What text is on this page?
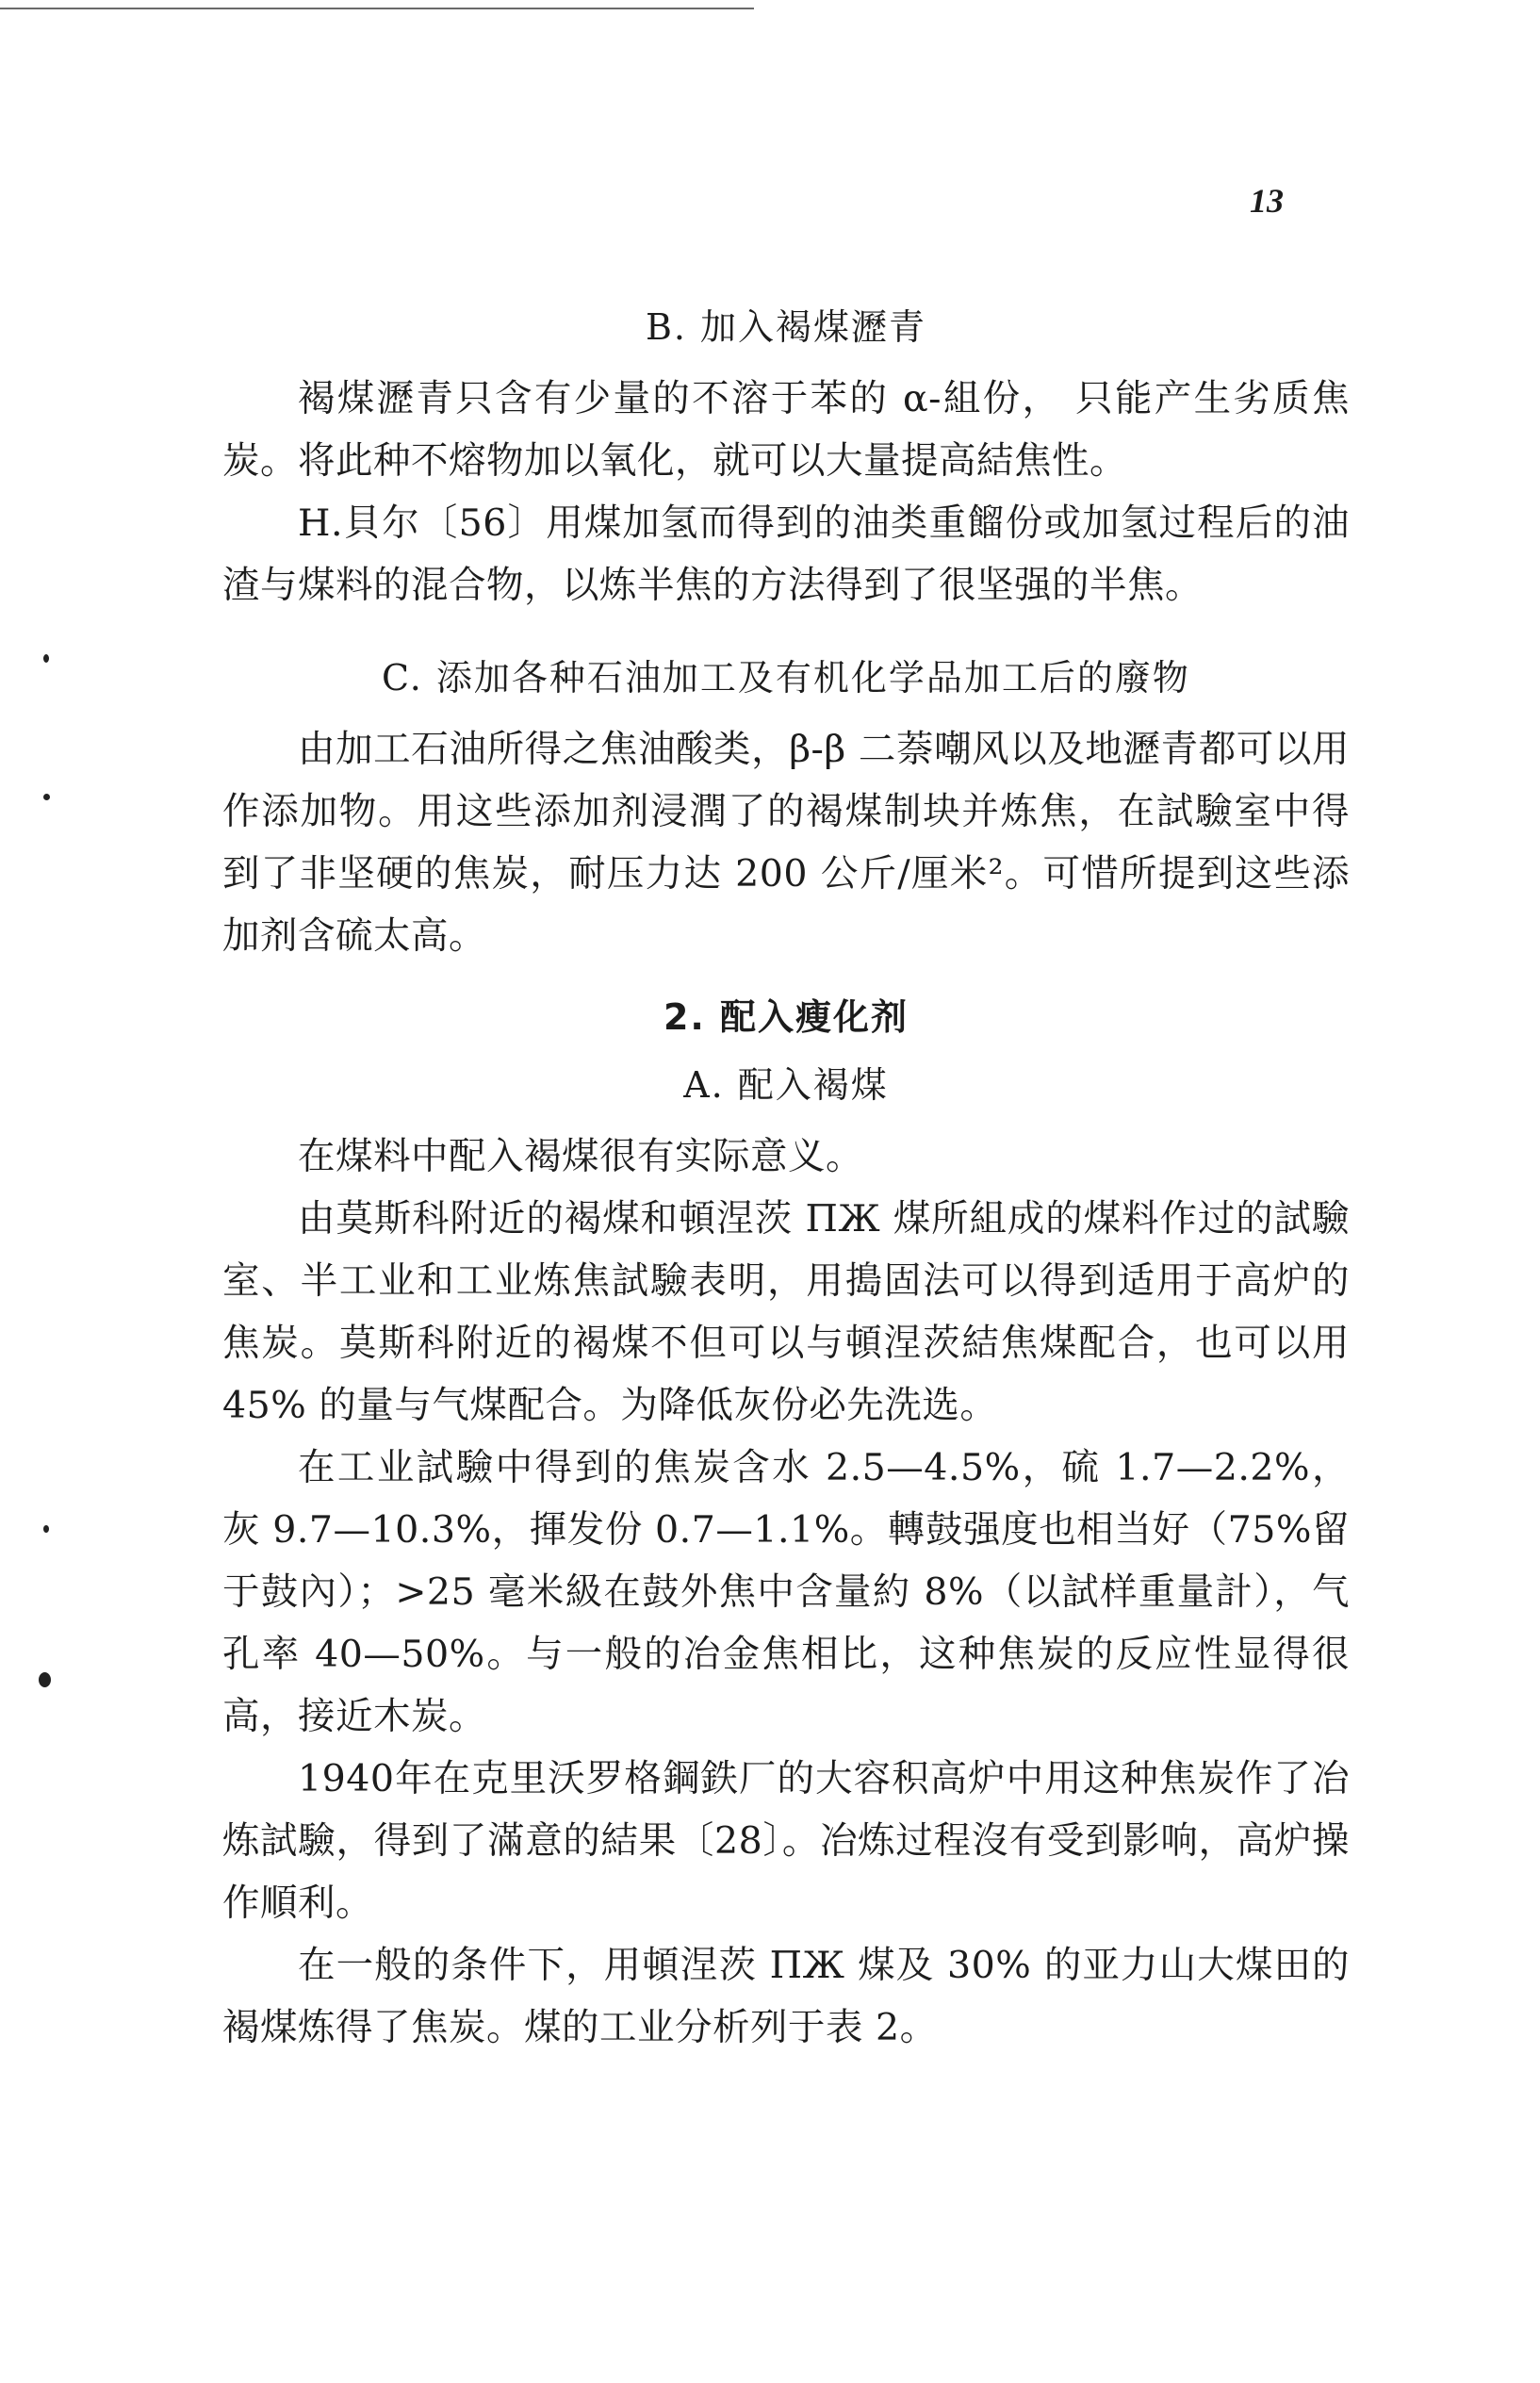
13
B. 加入褐煤瀝青

褐煤瀝青只含有少量的不溶于苯的 α-組份， 只能产生劣质焦炭。将此种不熔物加以氧化，就可以大量提高結焦性。

H.貝尔〔56〕用煤加氢而得到的油类重餾份或加氢过程后的油渣与煤料的混合物，以炼半焦的方法得到了很坚强的半焦。

C. 添加各种石油加工及有机化学品加工后的廢物

由加工石油所得之焦油酸类，β-β 二萘嘲风以及地瀝青都可以用作添加物。用这些添加剂浸潤了的褐煤制块并炼焦，在試驗室中得到了非坚硬的焦炭，耐压力达 200 公斤/厘米²。可惜所提到这些添加剂含硫太高。

2. 配入瘦化剂
A. 配入褐煤

在煤料中配入褐煤很有实际意义。

由莫斯科附近的褐煤和頓涅茨 ПЖ 煤所組成的煤料作过的試驗室、半工业和工业炼焦試驗表明，用搗固法可以得到适用于高炉的焦炭。莫斯科附近的褐煤不但可以与頓涅茨結焦煤配合，也可以用 45% 的量与气煤配合。为降低灰份必先洗选。

在工业試驗中得到的焦炭含水 2.5—4.5%，硫 1.7—2.2%，灰 9.7—10.3%，揮发份 0.7—1.1%。轉鼓强度也相当好（75%留于鼓內）；>25 毫米級在鼓外焦中含量約 8%（以試样重量計），气孔率 40—50%。与一般的冶金焦相比，这种焦炭的反应性显得很高，接近木炭。

1940年在克里沃罗格鋼鉄厂的大容积高炉中用这种焦炭作了冶炼試驗，得到了滿意的結果〔28〕。冶炼过程沒有受到影响，高炉操作順利。

在一般的条件下，用頓涅茨 ПЖ 煤及 30% 的亚力山大煤田的褐煤炼得了焦炭。煤的工业分析列于表 2。
